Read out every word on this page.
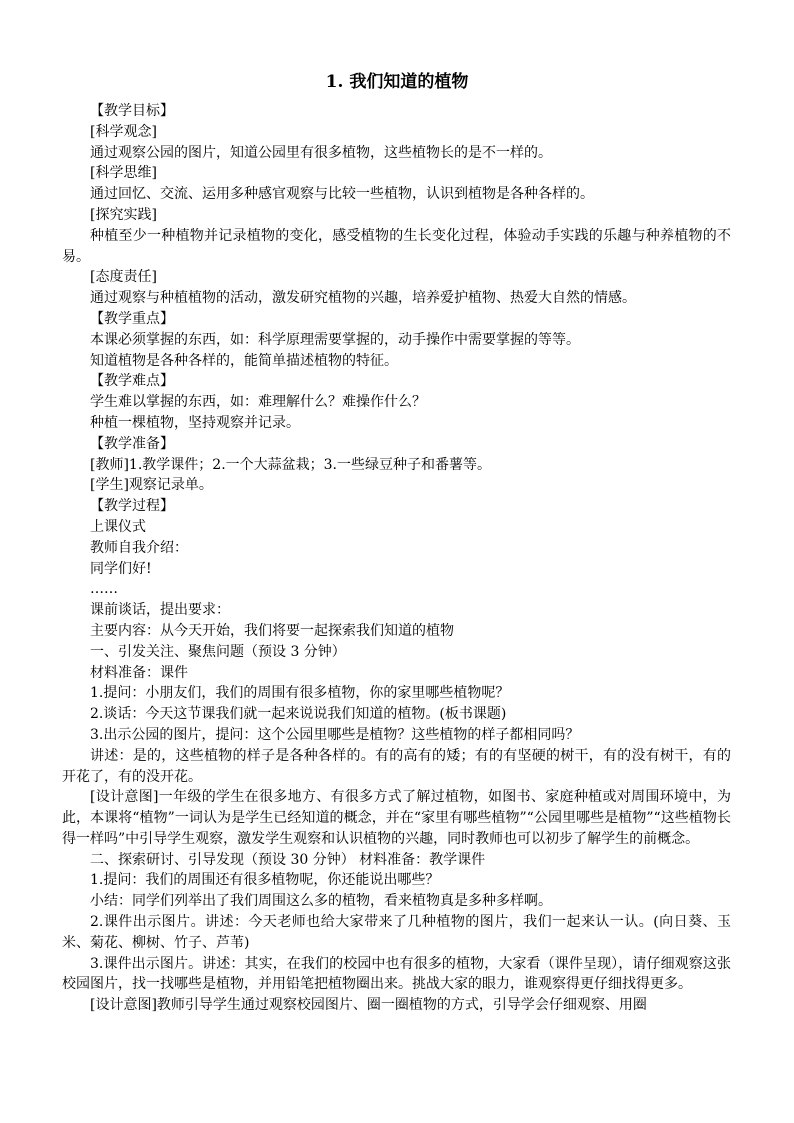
1. 我们知道的植物

【教学目标】

[科学观念]

通过观察公园的图片，知道公园里有很多植物，这些植物长的是不一样的。

[科学思维]

通过回忆、交流、运用多种感官观察与比较一些植物，认识到植物是各种各样的。

[探究实践]

种植至少一种植物并记录植物的变化，感受植物的生长变化过程，体验动手实践的乐趣与种养植物的不易。

[态度责任]

通过观察与种植植物的活动，激发研究植物的兴趣，培养爱护植物、热爱大自然的情感。

【教学重点】

本课必须掌握的东西，如：科学原理需要掌握的，动手操作中需要掌握的等等。

知道植物是各种各样的，能简单描述植物的特征。

【教学难点】

学生难以掌握的东西，如：难理解什么？难操作什么？

种植一棵植物，坚持观察并记录。

【教学准备】

[教师]1.教学课件；2.一个大蒜盆栽；3.一些绿豆种子和番薯等。

[学生]观察记录单。

【教学过程】

上课仪式

教师自我介绍：

同学们好!

……

课前谈话，提出要求：

主要内容：从今天开始，我们将要一起探索我们知道的植物

一、引发关注、聚焦问题（预设 3 分钟）

材料准备：课件

1.提问：小朋友们，我们的周围有很多植物，你的家里哪些植物呢？

2.谈话：今天这节课我们就一起来说说我们知道的植物。(板书课题)

3.出示公园的图片，提问：这个公园里哪些是植物？这些植物的样子都相同吗？

讲述：是的，这些植物的样子是各种各样的。有的高有的矮；有的有坚硬的树干，有的没有树干，有的开花了，有的没开花。

[设计意图]一年级的学生在很多地方、有很多方式了解过植物，如图书、家庭种植或对周围环境中，为此，本课将“植物”一词认为是学生已经知道的概念，并在“家里有哪些植物”“公园里哪些是植物”“这些植物长得一样吗”中引导学生观察，激发学生观察和认识植物的兴趣，同时教师也可以初步了解学生的前概念。

二、探索研讨、引导发现（预设 30 分钟） 材料准备：教学课件

1.提问：我们的周围还有很多植物呢，你还能说出哪些？

小结：同学们列举出了我们周围这么多的植物，看来植物真是多种多样啊。

2.课件出示图片。讲述：今天老师也给大家带来了几种植物的图片，我们一起来认一认。(向日葵、玉米、菊花、柳树、竹子、芦苇)

3.课件出示图片。讲述：其实，在我们的校园中也有很多的植物，大家看（课件呈现），请仔细观察这张校园图片，找一找哪些是植物，并用铅笔把植物圈出来。挑战大家的眼力，谁观察得更仔细找得更多。

[设计意图]教师引导学生通过观察校园图片、圈一圈植物的方式，引导学会仔细观察、用圈
